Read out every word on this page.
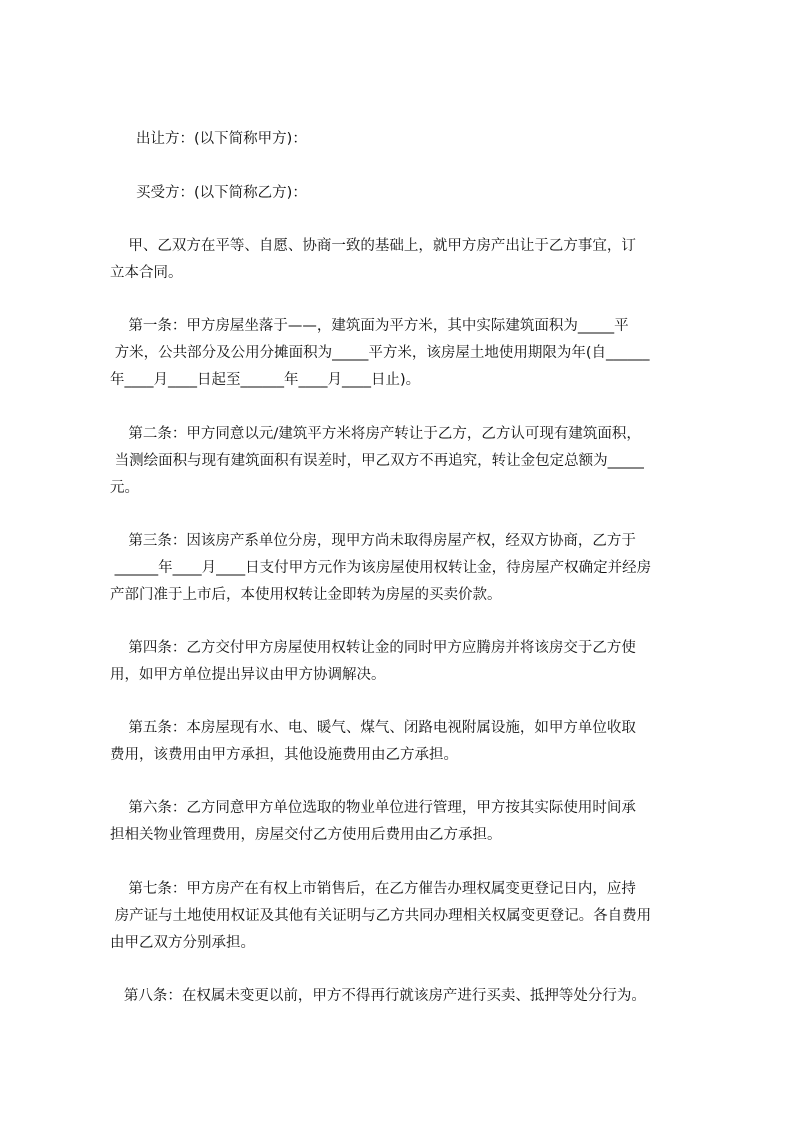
出让方：(以下简称甲方)：

买受方：(以下简称乙方)：

甲、乙双方在平等、自愿、协商一致的基础上，就甲方房产出让于乙方事宜，订
立本合同。

第一条：甲方房屋坐落于——，建筑面为平方米，其中实际建筑面积为_____平
方米，公共部分及公用分摊面积为_____平方米，该房屋土地使用期限为年(自______
年____月____日起至______年____月____日止)。

第二条：甲方同意以元/建筑平方米将房产转让于乙方，乙方认可现有建筑面积，
当测绘面积与现有建筑面积有误差时，甲乙双方不再追究，转让金包定总额为_____
元。

第三条：因该房产系单位分房，现甲方尚未取得房屋产权，经双方协商，乙方于
______年____月____日支付甲方元作为该房屋使用权转让金，待房屋产权确定并经房
产部门准于上市后，本使用权转让金即转为房屋的买卖价款。

第四条：乙方交付甲方房屋使用权转让金的同时甲方应腾房并将该房交于乙方使
用，如甲方单位提出异议由甲方协调解决。

第五条：本房屋现有水、电、暖气、煤气、闭路电视附属设施，如甲方单位收取
费用，该费用由甲方承担，其他设施费用由乙方承担。

第六条：乙方同意甲方单位选取的物业单位进行管理，甲方按其实际使用时间承
担相关物业管理费用，房屋交付乙方使用后费用由乙方承担。

第七条：甲方房产在有权上市销售后，在乙方催告办理权属变更登记日内，应持
房产证与土地使用权证及其他有关证明与乙方共同办理相关权属变更登记。各自费用
由甲乙双方分别承担。

第八条：在权属未变更以前，甲方不得再行就该房产进行买卖、抵押等处分行为。
